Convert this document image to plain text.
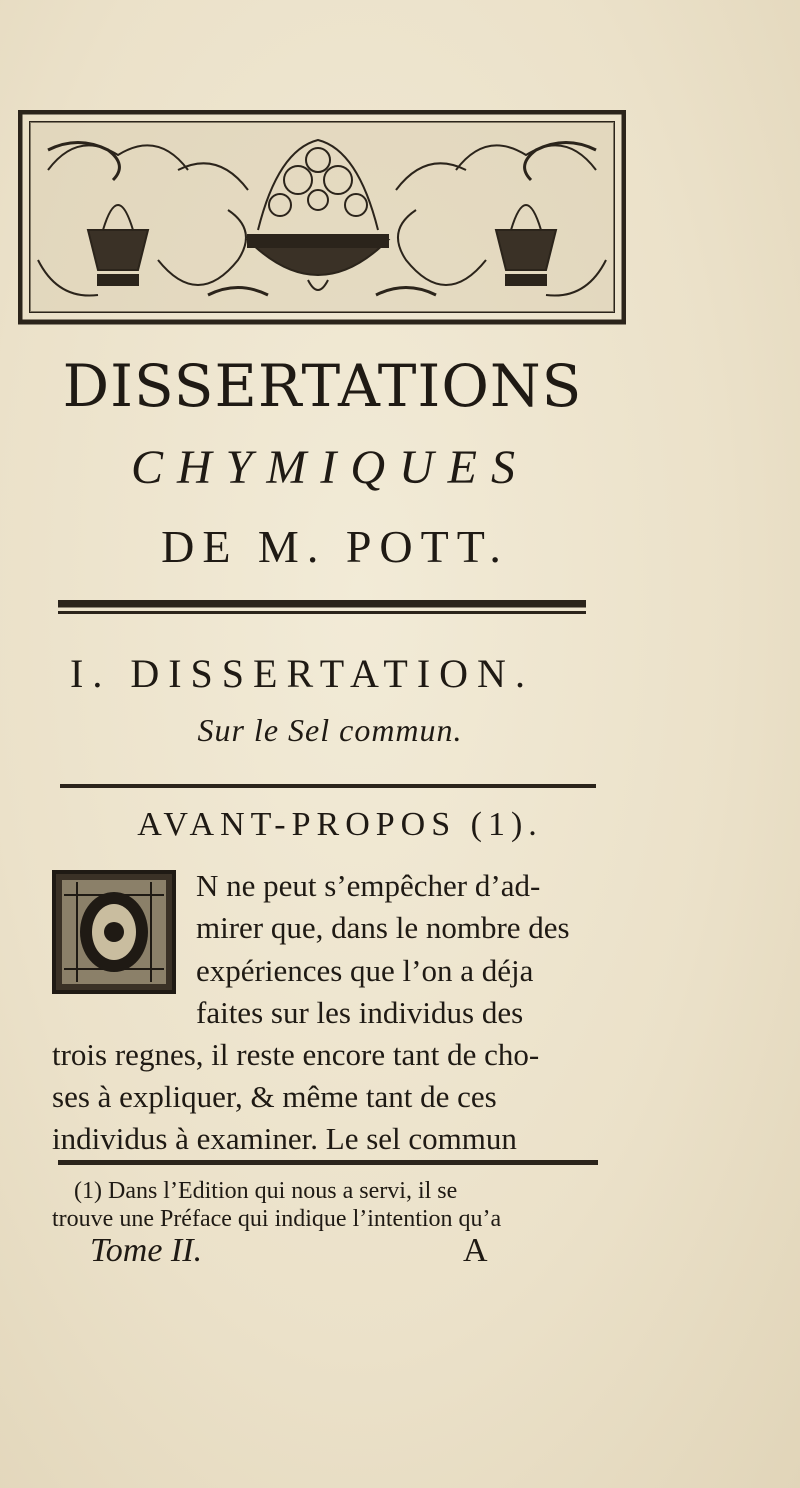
DISSERTATIONS
CHYMIQUES
DE M. POTT.
I. DISSERTATION.
Sur le Sel commun.
AVANT-PROPOS (1).
N ne peut s’empêcher d’ad-
mirer que, dans le nombre des
expériences que l’on a déja
faites sur les individus des
trois regnes, il reste encore tant de cho-
ses à expliquer, & même tant de ces
individus à examiner. Le sel commun
(1) Dans l’Edition qui nous a servi, il se
trouve une Préface qui indique l’intention qu’a
Tome II.	A
